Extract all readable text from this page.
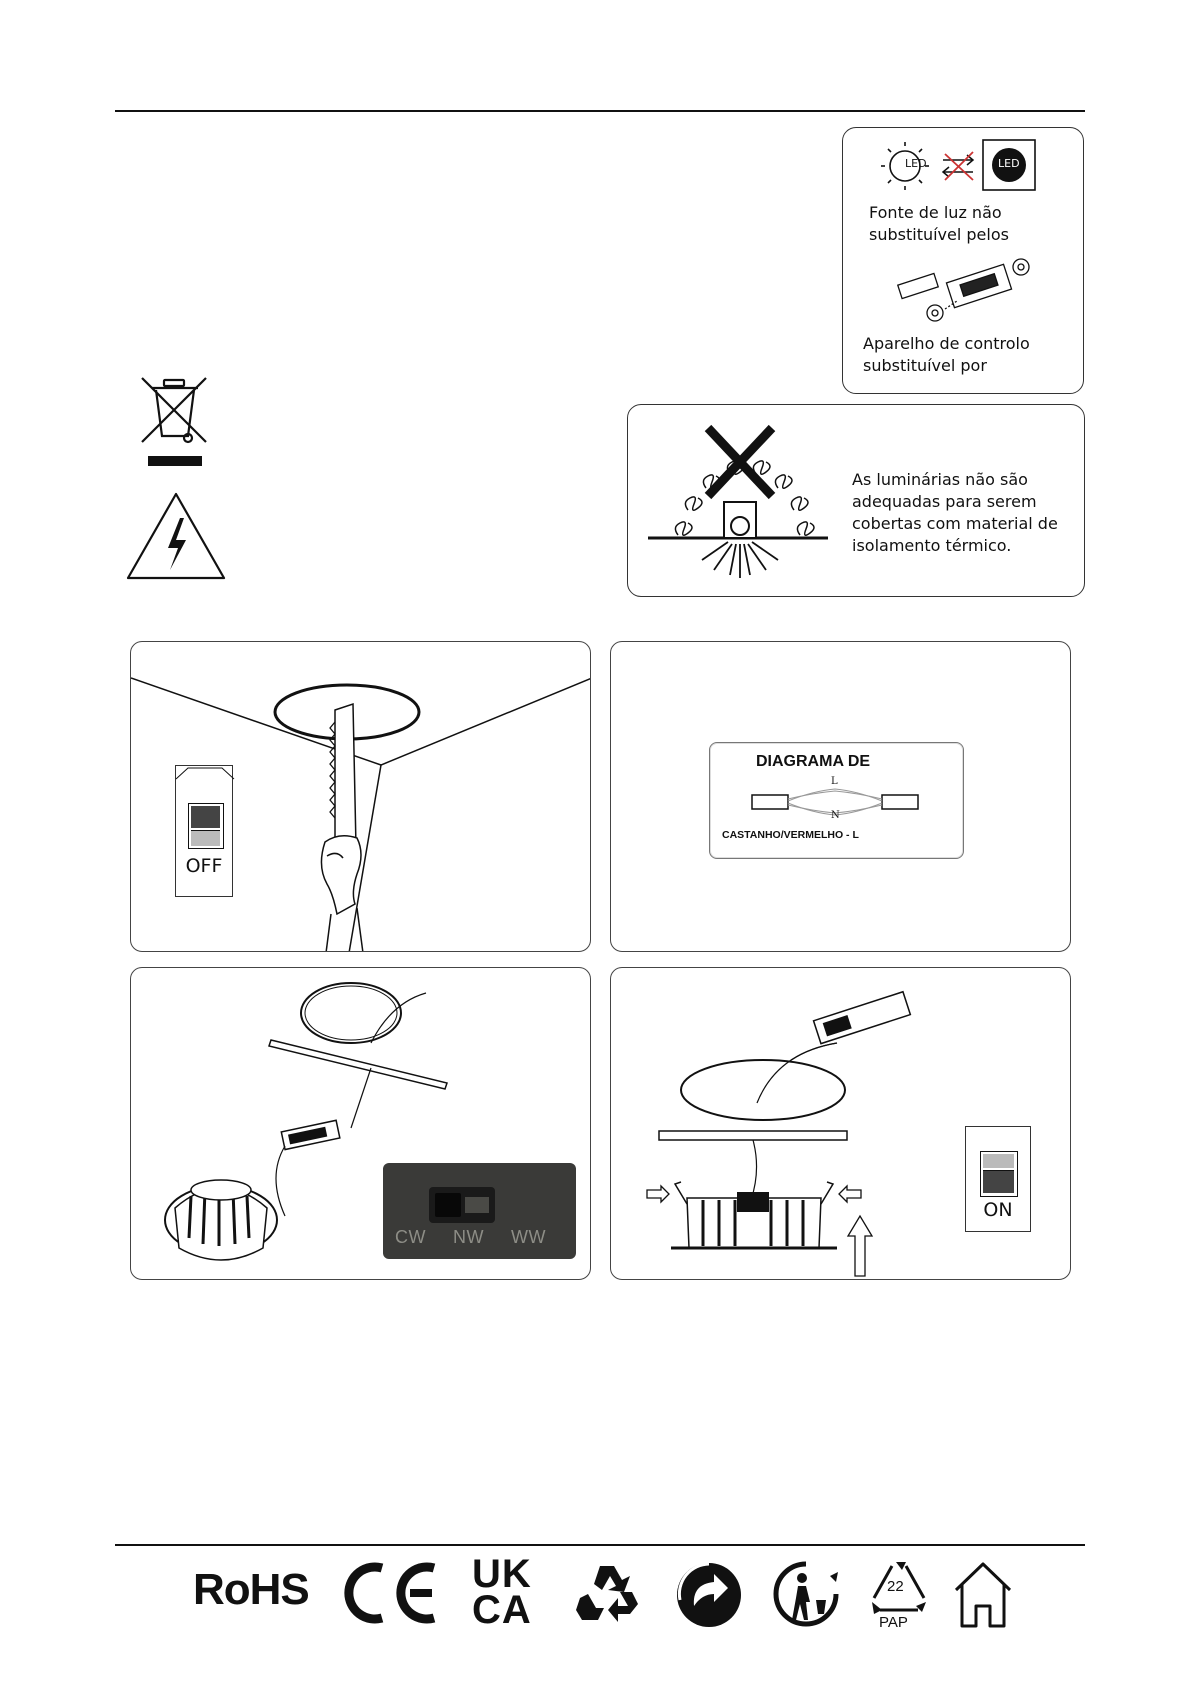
LED	LED
Fonte de luz não substituível pelos
Aparelho de controlo substituível por
As luminárias não são adequadas para serem cobertas com material de isolamento térmico.
OFF
DIAGRAMA DE
L
N
CASTANHO/VERMELHO - L
CW NW WW
ON
RoHS	UK
CA
22
PAP
